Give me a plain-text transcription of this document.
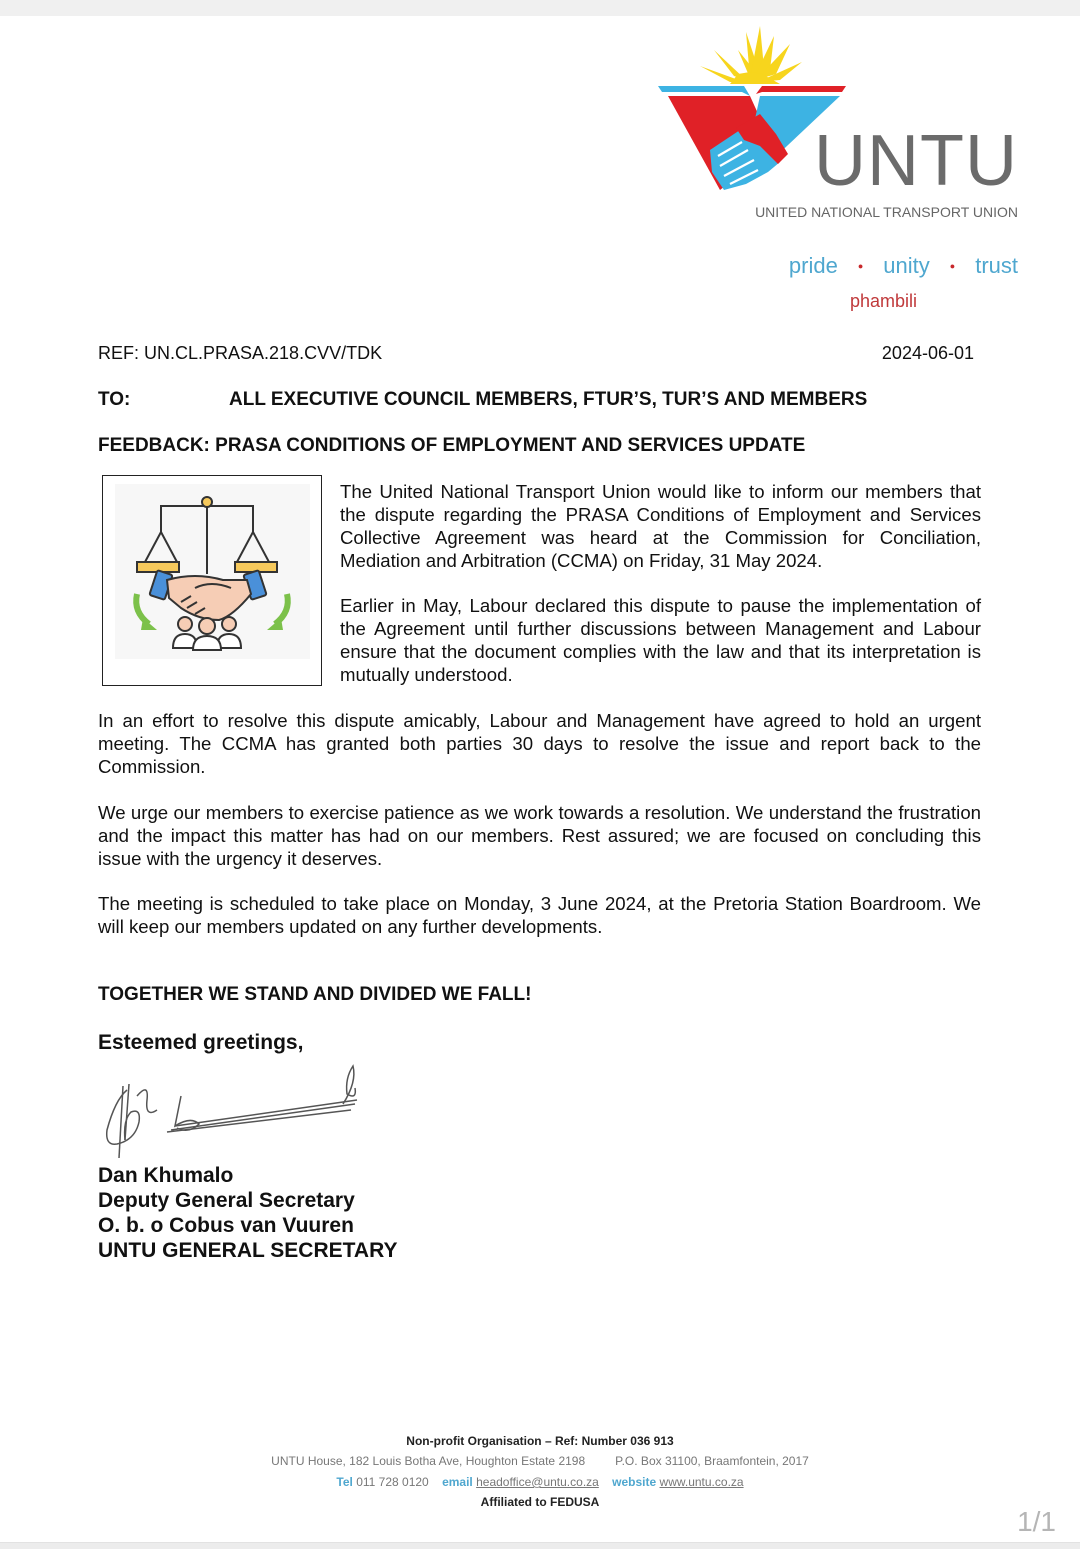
UNTU
UNITED NATIONAL TRANSPORT UNION
pride ● unity ● trust
phambili
REF: UN.CL.PRASA.218.CVV/TDK	2024-06-01
TO:	ALL EXECUTIVE COUNCIL MEMBERS, FTUR’S, TUR’S AND MEMBERS
FEEDBACK: PRASA CONDITIONS OF EMPLOYMENT AND SERVICES UPDATE
The United National Transport Union would like to inform our members that the dispute regarding the PRASA Conditions of Employment and Services Collective Agreement was heard at the Commission for Conciliation, Mediation and Arbitration (CCMA) on Friday, 31 May 2024.
Earlier in May, Labour declared this dispute to pause the implementation of the Agreement until further discussions between Management and Labour ensure that the document complies with the law and that its interpretation is mutually understood.
In an effort to resolve this dispute amicably, Labour and Management have agreed to hold an urgent meeting. The CCMA has granted both parties 30 days to resolve the issue and report back to the Commission.
We urge our members to exercise patience as we work towards a resolution. We understand the frustration and the impact this matter has had on our members. Rest assured; we are focused on concluding this issue with the urgency it deserves.
The meeting is scheduled to take place on Monday, 3 June 2024, at the Pretoria Station Boardroom. We will keep our members updated on any further developments.
TOGETHER WE STAND AND DIVIDED WE FALL!
Esteemed greetings,
Dan Khumalo
Deputy General Secretary
O. b. o Cobus van Vuuren
UNTU GENERAL SECRETARY
Non-profit Organisation – Ref: Number 036 913
UNTU House, 182 Louis Botha Ave, Houghton Estate 2198	P.O. Box 31100, Braamfontein, 2017
Tel 011 728 0120 email headoffice@untu.co.za website www.untu.co.za
Affiliated to FEDUSA
1/1
